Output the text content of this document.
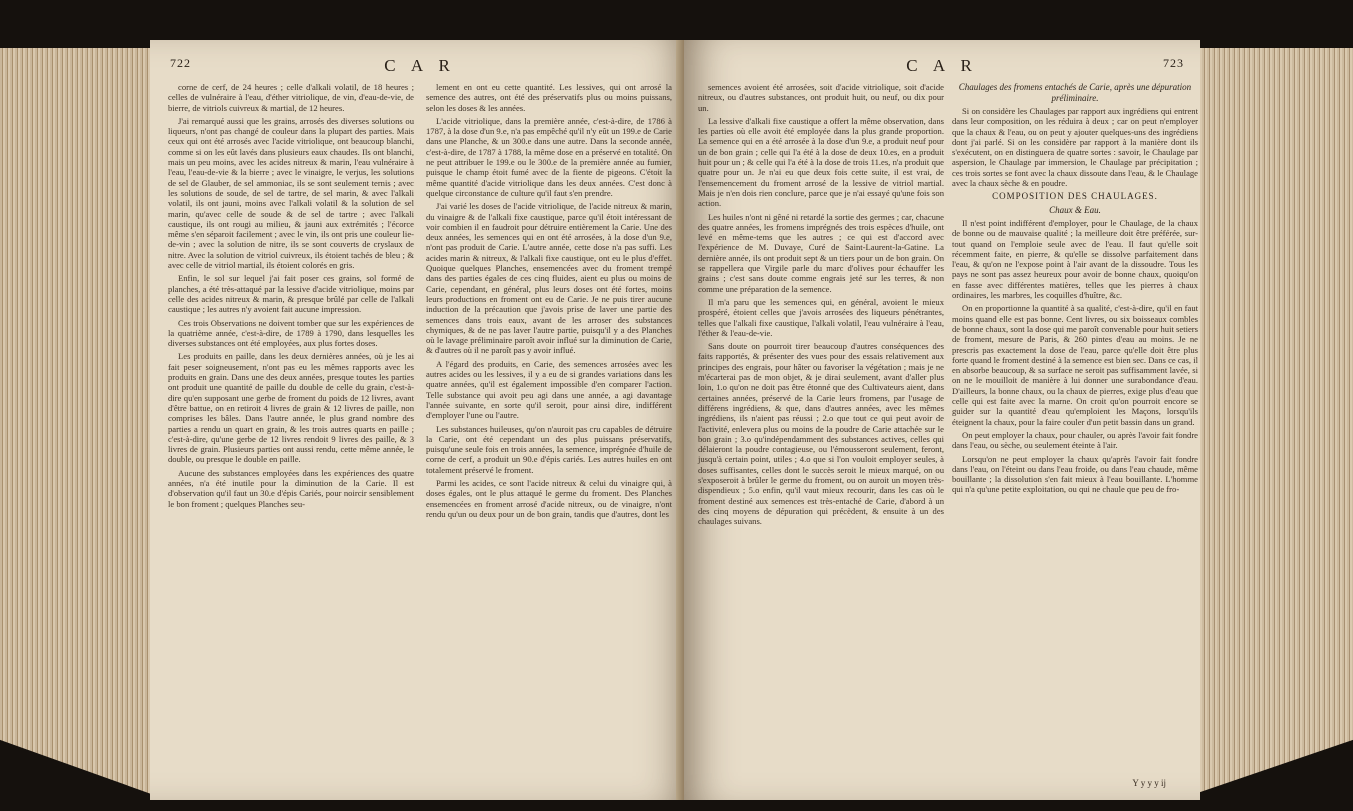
722	C A R

corne de cerf, de 24 heures ; celle d'alkali volatil, de 18 heures ; celles de vulnéraire à l'eau, d'éther vitriolique, de vin, d'eau-de-vie, de bierre, de vitriols cuivreux & martial, de 12 heures.

J'ai remarqué aussi que les grains, arrosés des diverses solutions ou liqueurs, n'ont pas changé de couleur dans la plupart des parties. Mais ceux qui ont été arrosés avec l'acide vitriolique, ont beaucoup blanchi, comme si on les eût lavés dans plusieurs eaux chaudes. Ils ont blanchi, mais un peu moins, avec les acides nitreux & marin, l'eau vulnéraire à l'eau, l'eau-de-vie & la bierre ; avec le vinaigre, le verjus, les solutions de sel de Glauber, de sel ammoniac, ils se sont seulement ternis ; avec les solutions de soude, de sel de tartre, de sel marin, & avec l'alkali volatil, ils ont jauni, moins avec l'alkali volatil & la solution de sel marin, qu'avec celle de soude & de sel de tartre ; avec l'alkali caustique, ils ont rougi au milieu, & jauni aux extrémités ; l'écorce même s'en séparoit facilement ; avec le vin, ils ont pris une couleur lie-de-vin ; avec la solution de nitre, ils se sont couverts de cryslaux de nitre. Avec la solution de vitriol cuivreux, ils étoient tachés de bleu ; & avec celle de vitriol martial, ils étoient colorés en gris.

Enfin, le sol sur lequel j'ai fait poser ces grains, sol formé de planches, a été très-attaqué par la lessive d'acide vitriolique, moins par celle des acides nitreux & marin, & presque brûlé par celle de l'alkali caustique ; les autres n'y avoient fait aucune impression.

Ces trois Observations ne doivent tomber que sur les expériences de la quatrième année, c'est-à-dire, de 1789 à 1790, dans lesquelles les diverses substances ont été employées, aux plus fortes doses.

Les produits en paille, dans les deux dernières années, où je les ai fait peser soigneusement, n'ont pas eu les mêmes rapports avec les produits en grain. Dans une des deux années, presque toutes les parties ont produit une quantité de paille du double de celle du grain, c'est-à-dire qu'en supposant une gerbe de froment du poids de 12 livres, avant d'être battue, on en retiroit 4 livres de grain & 12 livres de paille, non comprises les bâles. Dans l'autre année, le plus grand nombre des parties a rendu un quart en grain, & les trois autres quarts en paille ; c'est-à-dire, qu'une gerbe de 12 livres rendoit 9 livres des paille, & 3 livres de grain. Plusieurs parties ont aussi rendu, cette même année, le double, ou presque le double en paille.

Aucune des substances employées dans les expériences des quatre années, n'a été inutile pour la diminution de la Carie. Il est d'observation qu'il faut un 30.e d'épis Cariés, pour noircir sensiblement le bon froment ; quelques Planches seu-

lement en ont eu cette quantité. Les lessives, qui ont arrosé la semence des autres, ont été des préservatifs plus ou moins puissans, selon les doses & les années.

L'acide vitriolique, dans la première année, c'est-à-dire, de 1786 à 1787, à la dose d'un 9.e, n'a pas empêché qu'il n'y eût un 199.e de Carie dans une Planche, & un 300.e dans une autre. Dans la seconde année, c'est-à-dire, de 1787 à 1788, la même dose en a préservé en totalité. On ne peut attribuer le 199.e ou le 300.e de la première année au fumier, puisque le champ étoit fumé avec de la fiente de pigeons. C'étoit la même quantité d'acide vitriolique dans les deux années. C'est donc à quelque circonstance de culture qu'il faut s'en prendre.

J'ai varié les doses de l'acide vitriolique, de l'acide nitreux & marin, du vinaigre & de l'alkali fixe caustique, parce qu'il étoit intéressant de voir combien il en faudroit pour détruire entièrement la Carie. Une des deux années, les semences qui en ont été arrosées, à la dose d'un 9.e, n'ont pas produit de Carie. L'autre année, cette dose n'a pas suffi. Les acides marin & nitreux, & l'alkali fixe caustique, ont eu le plus d'effet. Quoique quelques Planches, ensemencées avec du froment trempé dans des parties égales de ces cinq fluides, aient eu plus ou moins de Carie, cependant, en général, plus leurs doses ont été fortes, moins leurs productions en froment ont eu de Carie. Je ne puis tirer aucune induction de la précaution que j'avois prise de laver une partie des semences dans trois eaux, avant de les arroser des substances chymiques, & de ne pas laver l'autre partie, puisqu'il y a des Planches où le lavage préliminaire paroît avoir influé sur la diminution de Carie, & d'autres où il ne paroît pas y avoir influé.

A l'égard des produits, en Carie, des semences arrosées avec les autres acides ou les lessives, il y a eu de si grandes variations dans les quatre années, qu'il est également impossible d'en comparer l'action. Telle substance qui avoit peu agi dans une année, a agi davantage l'année suivante, en sorte qu'il seroit, pour ainsi dire, indifférent d'employer l'une ou l'autre.

Les substances huileuses, qu'on n'auroit pas cru capables de détruire la Carie, ont été cependant un des plus puissans préservatifs, puisqu'une seule fois en trois années, la semence, imprégnée d'huile de corne de cerf, a produit un 90.e d'épis cariés. Les autres huiles en ont totalement préservé le froment.

Parmi les acides, ce sont l'acide nitreux & celui du vinaigre qui, à doses égales, ont le plus attaqué le germe du froment. Des Planches ensemencées en froment arrosé d'acide nitreux, ou de vinaigre, n'ont rendu qu'un ou deux pour un de bon grain, tandis que d'autres, dont les

C A R	723

semences avoient été arrosées, soit d'acide vitriolique, soit d'acide nitreux, ou d'autres substances, ont produit huit, ou neuf, ou dix pour un.

La lessive d'alkali fixe caustique a offert la même observation, dans les parties où elle avoit été employée dans la plus grande proportion. La semence qui en a été arrosée à la dose d'un 9.e, a produit neuf pour un de bon grain ; celle qui l'a été à la dose de deux 10.es, en a produit huit pour un ; & celle qui l'a été à la dose de trois 11.es, n'a produit que quatre pour un. Je n'ai eu que deux fois cette suite, il est vrai, de l'ensemencement du froment arrosé de la lessive de vitriol martial. Mais je n'en dois rien conclure, parce que je n'ai essayé qu'une fois son action.

Les huiles n'ont ni gêné ni retardé la sortie des germes ; car, chacune des quatre années, les fromens imprégnés des trois espèces d'huile, ont levé en même-tems que les autres ; ce qui est d'accord avec l'expérience de M. Duvaye, Curé de Saint-Laurent-la-Gatine. La dernière année, ils ont produit sept & un tiers pour un de bon grain. On se rappellera que Virgile parle du marc d'olives pour échauffer les grains ; c'est sans doute comme engrais jeté sur les terres, & non comme une préparation de la semence.

Il m'a paru que les semences qui, en général, avoient le mieux prospéré, étoient celles que j'avois arrosées des liqueurs pénétrantes, telles que l'alkali fixe caustique, l'alkali volatil, l'eau vulnéraire à l'eau, l'éther & l'eau-de-vie.

Sans doute on pourroit tirer beaucoup d'autres conséquences des faits rapportés, & présenter des vues pour des essais relativement aux principes des engrais, pour hâter ou favoriser la végétation ; mais je ne m'écarterai pas de mon objet, & je dirai seulement, avant d'aller plus loin, 1.o qu'on ne doit pas être étonné que des Cultivateurs aient, dans certaines années, préservé de la Carie leurs fromens, par l'usage de différens ingrédiens, & que, dans d'autres années, avec les mêmes ingrédiens, ils n'aient pas réussi ; 2.o que tout ce qui peut avoir de l'activité, enlevera plus ou moins de la poudre de Carie attachée sur le bon grain ; 3.o qu'indépendamment des substances actives, celles qui délaieront la poudre contagieuse, ou l'émousseront seulement, feront, jusqu'à certain point, utiles ; 4.o que si l'on vouloit employer seules, à doses suffisantes, celles dont le succès seroit le mieux marqué, on ou s'exposeroit à brûler le germe du froment, ou on auroit un moyen très-dispendieux ; 5.o enfin, qu'il vaut mieux recourir, dans les cas où le froment destiné aux semences est très-entaché de Carie, d'abord à un des cinq moyens de dépuration qui précèdent, & ensuite à un des chaulages suivans.

Chaulages des fromens entachés de Carie, après une dépuration préliminaire.

Si on considère les Chaulages par rapport aux ingrédiens qui entrent dans leur composition, on les réduira à deux ; car on peut n'employer que la chaux & l'eau, ou on peut y ajouter quelques-uns des ingrédiens dont j'ai parlé. Si on les considère par rapport à la manière dont ils s'exécutent, on en distinguera de quatre sortes : savoir, le Chaulage par aspersion, le Chaulage par immersion, le Chaulage par précipitation ; ces trois sortes se font avec la chaux dissoute dans l'eau, & le Chaulage avec la chaux sèche & en poudre.

COMPOSITION DES CHAULAGES.

Chaux & Eau.

Il n'est point indifférent d'employer, pour le Chaulage, de la chaux de bonne ou de mauvaise qualité ; la meilleure doit être préférée, sur-tout quand on l'emploie seule avec de l'eau. Il faut qu'elle soit récemment faite, en pierre, & qu'elle se dissolve parfaitement dans l'eau, & qu'on ne l'expose point à l'air avant de la dissoudre. Tous les pays ne sont pas assez heureux pour avoir de bonne chaux, quoiqu'on en fasse avec différentes matières, telles que les pierres à chaux ordinaires, les marbres, les coquilles d'huître, &c.

On en proportionne la quantité à sa qualité, c'est-à-dire, qu'il en faut moins quand elle est pas bonne. Cent livres, ou six boisseaux combles de bonne chaux, sont la dose qui me paroît convenable pour huit setiers de froment, mesure de Paris, & 260 pintes d'eau au moins. Je ne prescris pas exactement la dose de l'eau, parce qu'elle doit être plus forte quand le froment destiné à la semence est bien sec. Dans ce cas, il en absorbe beaucoup, & sa surface ne seroit pas suffisamment lavée, si on ne le mouilloit de manière à lui donner une surabondance d'eau. D'ailleurs, la bonne chaux, ou la chaux de pierres, exige plus d'eau que celle qui est faite avec la marne. On croit qu'on pourroit encore se guider sur la quantité d'eau qu'emploient les Maçons, lorsqu'ils éteignent la chaux, pour la faire couler d'un petit bassin dans un grand.

On peut employer la chaux, pour chauler, ou après l'avoir fait fondre dans l'eau, ou sèche, ou seulement éteinte à l'air.

Lorsqu'on ne peut employer la chaux qu'après l'avoir fait fondre dans l'eau, on l'éteint ou dans l'eau froide, ou dans l'eau chaude, même bouillante ; la dissolution s'en fait mieux à l'eau bouillante. L'homme qui n'a qu'une petite exploitation, ou qui ne chaule que peu de fro-

Y y y y ij
